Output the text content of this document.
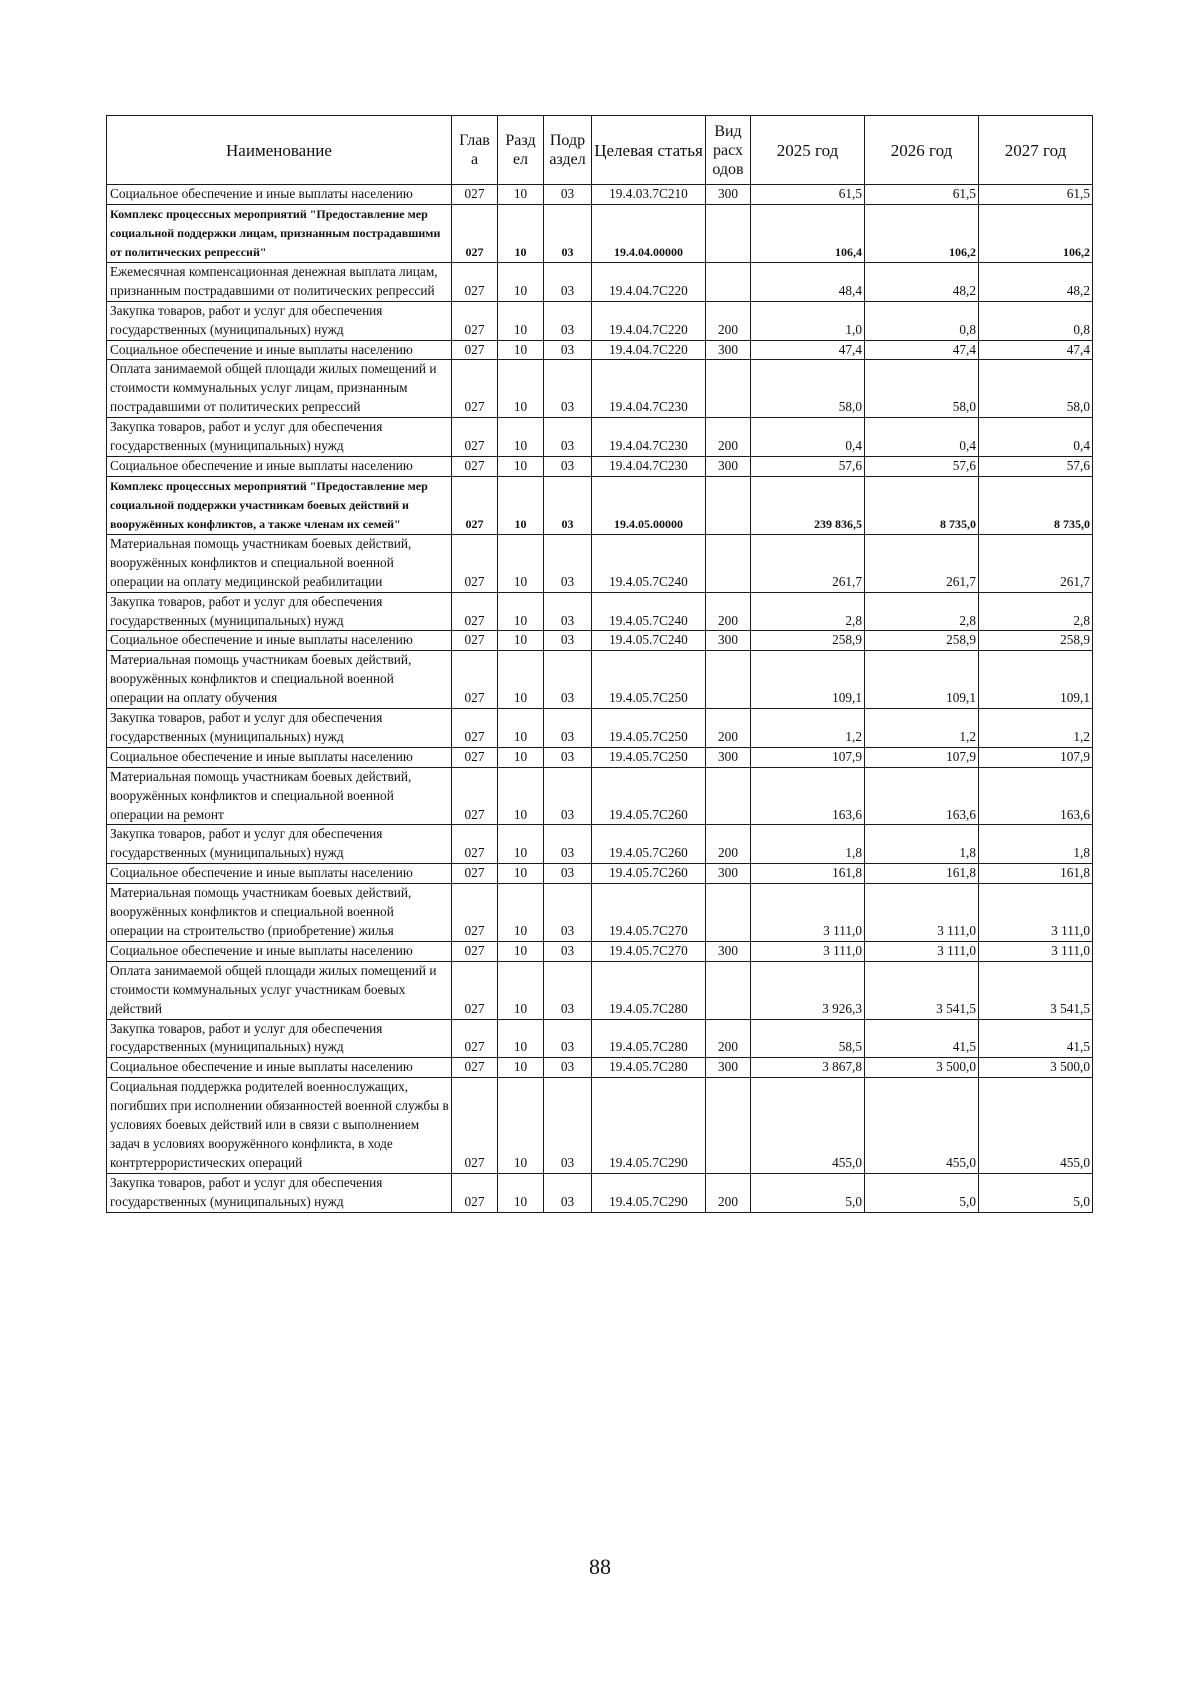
Наименование	Глав а	Разд ел	Подр аздел	Целевая статья	Вид расх одов	2025 год	2026 год	2027 год
Социальное обеспечение и иные выплаты населению	027	10	03	19.4.03.7С210	300	61,5	61,5	61,5
Комплекс процессных мероприятий "Предоставление мер социальной поддержки лицам, признанным пострадавшими от политических репрессий"	027	10	03	19.4.04.00000		106,4	106,2	106,2
Ежемесячная компенсационная денежная выплата лицам, признанным пострадавшими от политических репрессий	027	10	03	19.4.04.7С220		48,4	48,2	48,2
Закупка товаров, работ и услуг для обеспечения государственных (муниципальных) нужд	027	10	03	19.4.04.7С220	200	1,0	0,8	0,8
Социальное обеспечение и иные выплаты населению	027	10	03	19.4.04.7С220	300	47,4	47,4	47,4
Оплата занимаемой общей площади жилых помещений и стоимости коммунальных услуг лицам, признанным пострадавшими от политических репрессий	027	10	03	19.4.04.7С230		58,0	58,0	58,0
Закупка товаров, работ и услуг для обеспечения государственных (муниципальных) нужд	027	10	03	19.4.04.7С230	200	0,4	0,4	0,4
Социальное обеспечение и иные выплаты населению	027	10	03	19.4.04.7С230	300	57,6	57,6	57,6
Комплекс процессных мероприятий "Предоставление мер социальной поддержки участникам боевых действий и вооружённых конфликтов, а также членам их семей"	027	10	03	19.4.05.00000		239 836,5	8 735,0	8 735,0
Материальная помощь участникам боевых действий, вооружённых конфликтов и специальной военной операции на оплату медицинской реабилитации	027	10	03	19.4.05.7С240		261,7	261,7	261,7
Закупка товаров, работ и услуг для обеспечения государственных (муниципальных) нужд	027	10	03	19.4.05.7С240	200	2,8	2,8	2,8
Социальное обеспечение и иные выплаты населению	027	10	03	19.4.05.7С240	300	258,9	258,9	258,9
Материальная помощь участникам боевых действий, вооружённых конфликтов и специальной военной операции на оплату обучения	027	10	03	19.4.05.7С250		109,1	109,1	109,1
Закупка товаров, работ и услуг для обеспечения государственных (муниципальных) нужд	027	10	03	19.4.05.7С250	200	1,2	1,2	1,2
Социальное обеспечение и иные выплаты населению	027	10	03	19.4.05.7С250	300	107,9	107,9	107,9
Материальная помощь участникам боевых действий, вооружённых конфликтов и специальной военной операции на ремонт	027	10	03	19.4.05.7С260		163,6	163,6	163,6
Закупка товаров, работ и услуг для обеспечения государственных (муниципальных) нужд	027	10	03	19.4.05.7С260	200	1,8	1,8	1,8
Социальное обеспечение и иные выплаты населению	027	10	03	19.4.05.7С260	300	161,8	161,8	161,8
Материальная помощь участникам боевых действий, вооружённых конфликтов и специальной военной операции на строительство (приобретение) жилья	027	10	03	19.4.05.7С270		3 111,0	3 111,0	3 111,0
Социальное обеспечение и иные выплаты населению	027	10	03	19.4.05.7С270	300	3 111,0	3 111,0	3 111,0
Оплата занимаемой общей площади жилых помещений и стоимости коммунальных услуг участникам боевых действий	027	10	03	19.4.05.7С280		3 926,3	3 541,5	3 541,5
Закупка товаров, работ и услуг для обеспечения государственных (муниципальных) нужд	027	10	03	19.4.05.7С280	200	58,5	41,5	41,5
Социальное обеспечение и иные выплаты населению	027	10	03	19.4.05.7С280	300	3 867,8	3 500,0	3 500,0
Социальная поддержка родителей военнослужащих, погибших при исполнении обязанностей военной службы в условиях боевых действий или в связи с выполнением задач в условиях вооружённого конфликта, в ходе контртеррористических операций	027	10	03	19.4.05.7С290		455,0	455,0	455,0
Закупка товаров, работ и услуг для обеспечения государственных (муниципальных) нужд	027	10	03	19.4.05.7С290	200	5,0	5,0	5,0
88
